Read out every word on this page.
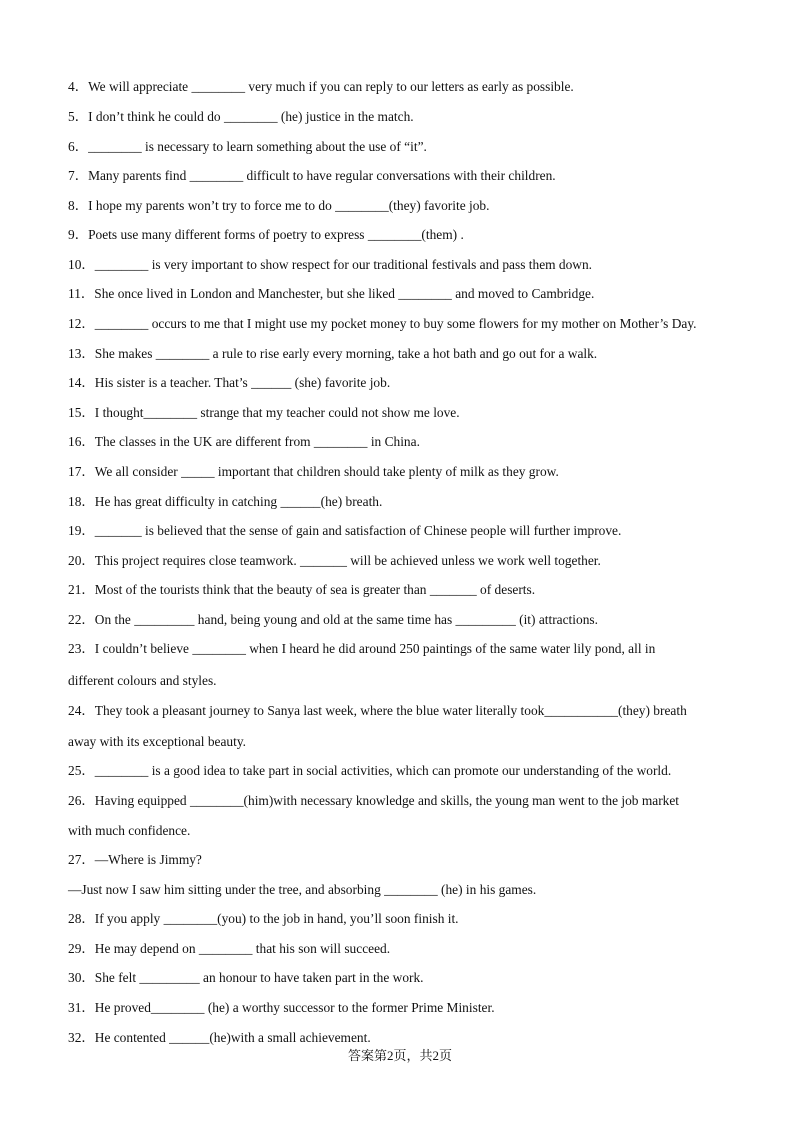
4．We will appreciate ________ very much if you can reply to our letters as early as possible.
5．I don’t think he could do ________ (he) justice in the match.
6．________ is necessary to learn something about the use of “it”.
7．Many parents find ________ difficult to have regular conversations with their children.
8．I hope my parents won’t try to force me to do ________(they) favorite job.
9．Poets use many different forms of poetry to express ________(them) .
10．________ is very important to show respect for our traditional festivals and pass them down.
11．She once lived in London and Manchester, but she liked ________ and moved to Cambridge.
12．________ occurs to me that I might use my pocket money to buy some flowers for my mother on Mother’s Day.
13．She makes ________ a rule to rise early every morning, take a hot bath and go out for a walk.
14．His sister is a teacher. That’s ______ (she) favorite job.
15．I thought________ strange that my teacher could not show me love.
16．The classes in the UK are different from ________ in China.
17．We all consider _____ important that children should take plenty of milk as they grow.
18．He has great difficulty in catching ______(he) breath.
19．_______ is believed that the sense of gain and satisfaction of Chinese people will further improve.
20．This project requires close teamwork. _______ will be achieved unless we work well together.
21．Most of the tourists think that the beauty of sea is greater than _______ of deserts.
22．On the _________ hand, being young and old at the same time has _________ (it) attractions.
23．I couldn’t believe ________ when I heard he did around 250 paintings of the same water lily pond, all in
different colours and styles.
24．They took a pleasant journey to Sanya last week, where the blue water literally took___________(they) breath
away with its exceptional beauty.
25．________ is a good idea to take part in social activities, which can promote our understanding of the world.
26．Having equipped ________(him)with necessary knowledge and skills, the young man went to the job market
with much confidence.
27．—Where is Jimmy?
—Just now I saw him sitting under the tree, and absorbing ________ (he) in his games.
28．If you apply ________(you) to the job in hand, you’ll soon finish it.
29．He may depend on ________ that his son will succeed.
30．She felt _________ an honour to have taken part in the work.
31．He proved________ (he) a worthy successor to the former Prime Minister.
32．He contented ______(he)with a small achievement.
答案第2页，共2页
